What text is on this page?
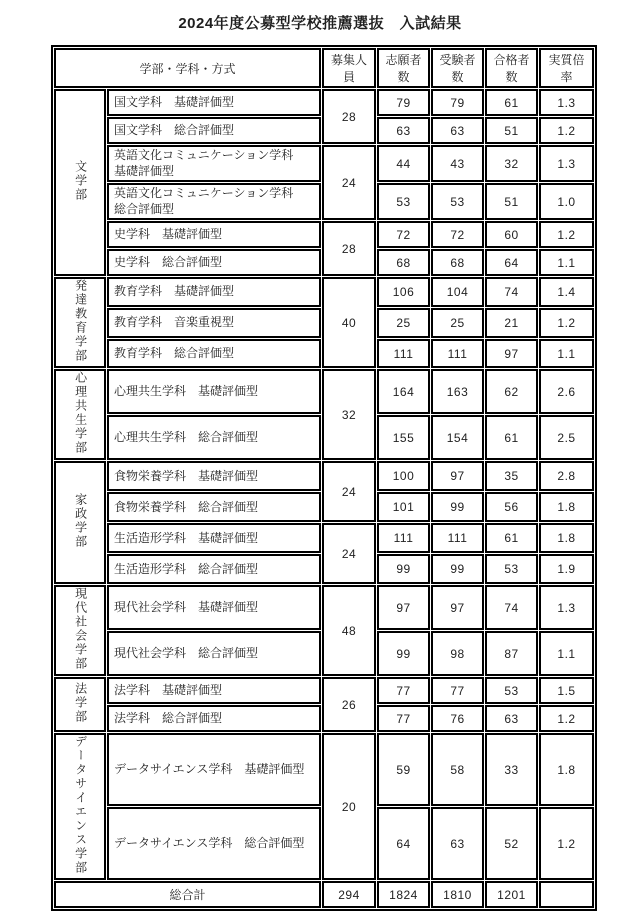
2024年度公募型学校推薦選抜　入試結果
学部・学科・方式		募集人員	志願者数	受験者数	合格者数	実質倍率
文学部	国文学科　基礎評価型	28	79	79	61	1.3
	国文学科　総合評価型		63	63	51	1.2
	英語文化コミュニケーション学科　基礎評価型	24	44	43	32	1.3
	英語文化コミュニケーション学科　総合評価型		53	53	51	1.0
	史学科　基礎評価型	28	72	72	60	1.2
	史学科　総合評価型		68	68	64	1.1
発達教育学部	教育学科　基礎評価型	40	106	104	74	1.4
	教育学科　音楽重視型		25	25	21	1.2
	教育学科　総合評価型		111	111	97	1.1
心理共生学部	心理共生学科　基礎評価型	32	164	163	62	2.6
	心理共生学科　総合評価型		155	154	61	2.5
家政学部	食物栄養学科　基礎評価型	24	100	97	35	2.8
	食物栄養学科　総合評価型		101	99	56	1.8
	生活造形学科　基礎評価型	24	111	111	61	1.8
	生活造形学科　総合評価型		99	99	53	1.9
現代社会学部	現代社会学科　基礎評価型	48	97	97	74	1.3
	現代社会学科　総合評価型		99	98	87	1.1
法学部	法学科　基礎評価型	26	77	77	53	1.5
	法学科　総合評価型		77	76	63	1.2
データサイエンス学部	データサイエンス学科　基礎評価型	20	59	58	33	1.8
	データサイエンス学科　総合評価型		64	63	52	1.2
総合計		294	1824	1810	1201	
